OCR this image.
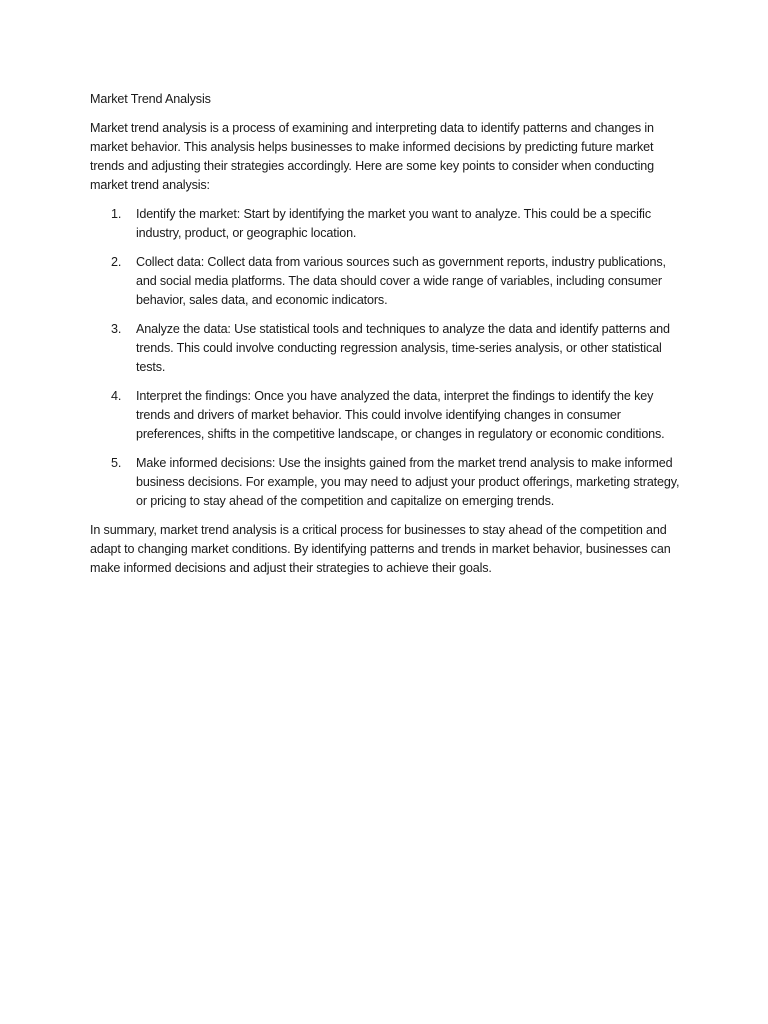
Market Trend Analysis

Market trend analysis is a process of examining and interpreting data to identify patterns and changes in market behavior. This analysis helps businesses to make informed decisions by predicting future market trends and adjusting their strategies accordingly. Here are some key points to consider when conducting market trend analysis:

1. Identify the market: Start by identifying the market you want to analyze. This could be a specific industry, product, or geographic location.
2. Collect data: Collect data from various sources such as government reports, industry publications, and social media platforms. The data should cover a wide range of variables, including consumer behavior, sales data, and economic indicators.
3. Analyze the data: Use statistical tools and techniques to analyze the data and identify patterns and trends. This could involve conducting regression analysis, time-series analysis, or other statistical tests.
4. Interpret the findings: Once you have analyzed the data, interpret the findings to identify the key trends and drivers of market behavior. This could involve identifying changes in consumer preferences, shifts in the competitive landscape, or changes in regulatory or economic conditions.
5. Make informed decisions: Use the insights gained from the market trend analysis to make informed business decisions. For example, you may need to adjust your product offerings, marketing strategy, or pricing to stay ahead of the competition and capitalize on emerging trends.

In summary, market trend analysis is a critical process for businesses to stay ahead of the competition and adapt to changing market conditions. By identifying patterns and trends in market behavior, businesses can make informed decisions and adjust their strategies to achieve their goals.
